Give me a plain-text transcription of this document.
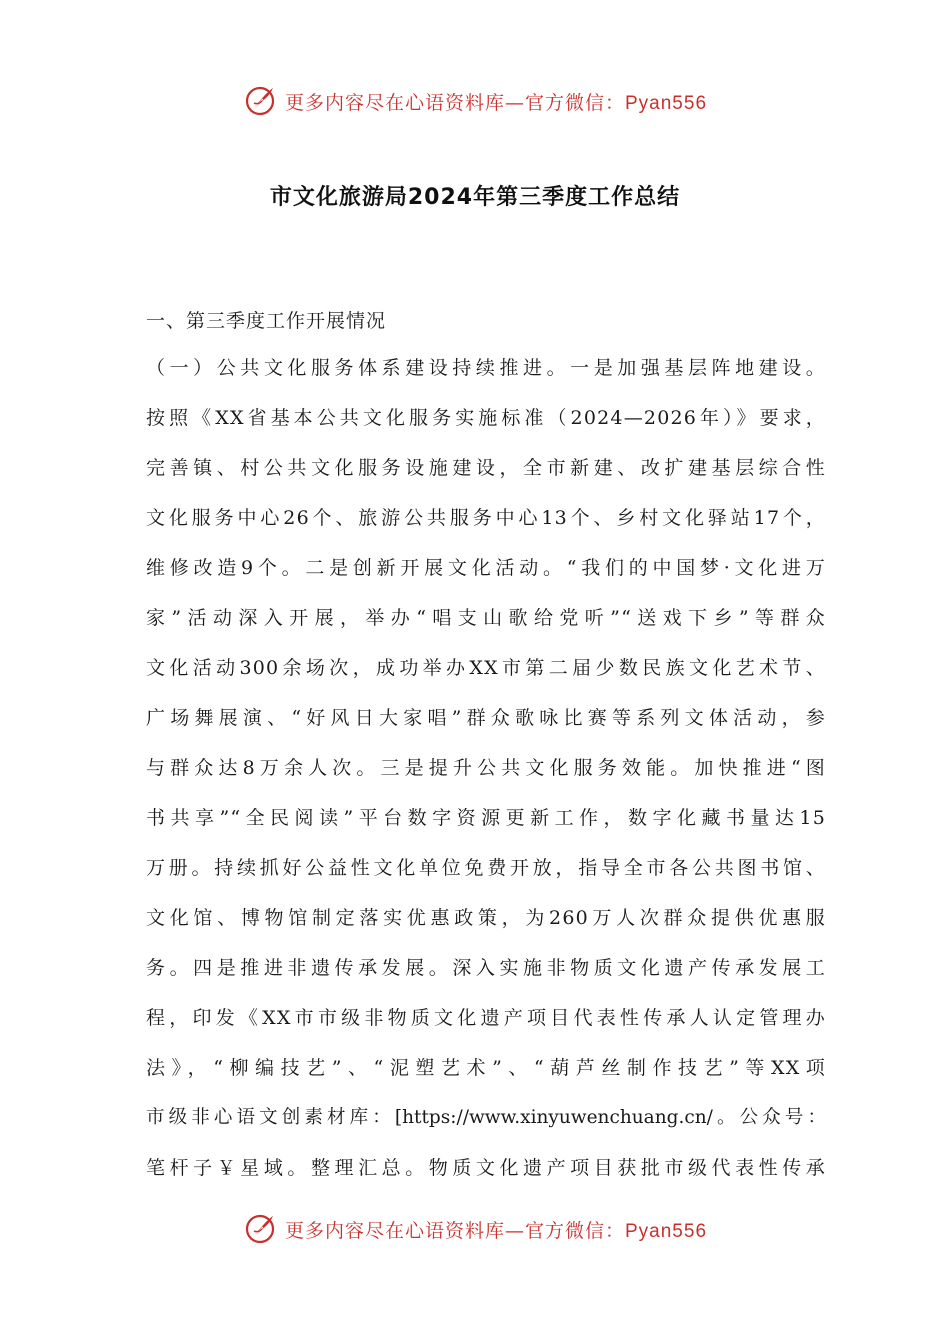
更多内容尽在心语资料库—官方微信：Pyan556
市文化旅游局2024年第三季度工作总结
一、第三季度工作开展情况
（一）公共文化服务体系建设持续推进。一是加强基层阵地建设。
按照《XX省基本公共文化服务实施标准（2024—2026年）》要求，
完善镇、村公共文化服务设施建设，全市新建、改扩建基层综合性
文化服务中心26个、旅游公共服务中心13个、乡村文化驿站17个，
维修改造9个。二是创新开展文化活动。“我们的中国梦·文化进万
家”活动深入开展，举办“唱支山歌给党听”“送戏下乡”等群众
文化活动300余场次，成功举办XX市第二届少数民族文化艺术节、
广场舞展演、“好风日大家唱”群众歌咏比赛等系列文体活动，参
与群众达8万余人次。三是提升公共文化服务效能。加快推进“图
书共享”“全民阅读”平台数字资源更新工作，数字化藏书量达15
万册。持续抓好公益性文化单位免费开放，指导全市各公共图书馆、
文化馆、博物馆制定落实优惠政策，为260万人次群众提供优惠服
务。四是推进非遗传承发展。深入实施非物质文化遗产传承发展工
程，印发《XX市市级非物质文化遗产项目代表性传承人认定管理办
法》，“柳编技艺”、“泥塑艺术”、“葫芦丝制作技艺”等XX项
市级非心语文创素材库：[https://www.xinyuwenchuang.cn/。公众号：
笔杆子￥星域。整理汇总。物质文化遗产项目获批市级代表性传承
更多内容尽在心语资料库—官方微信：Pyan556
